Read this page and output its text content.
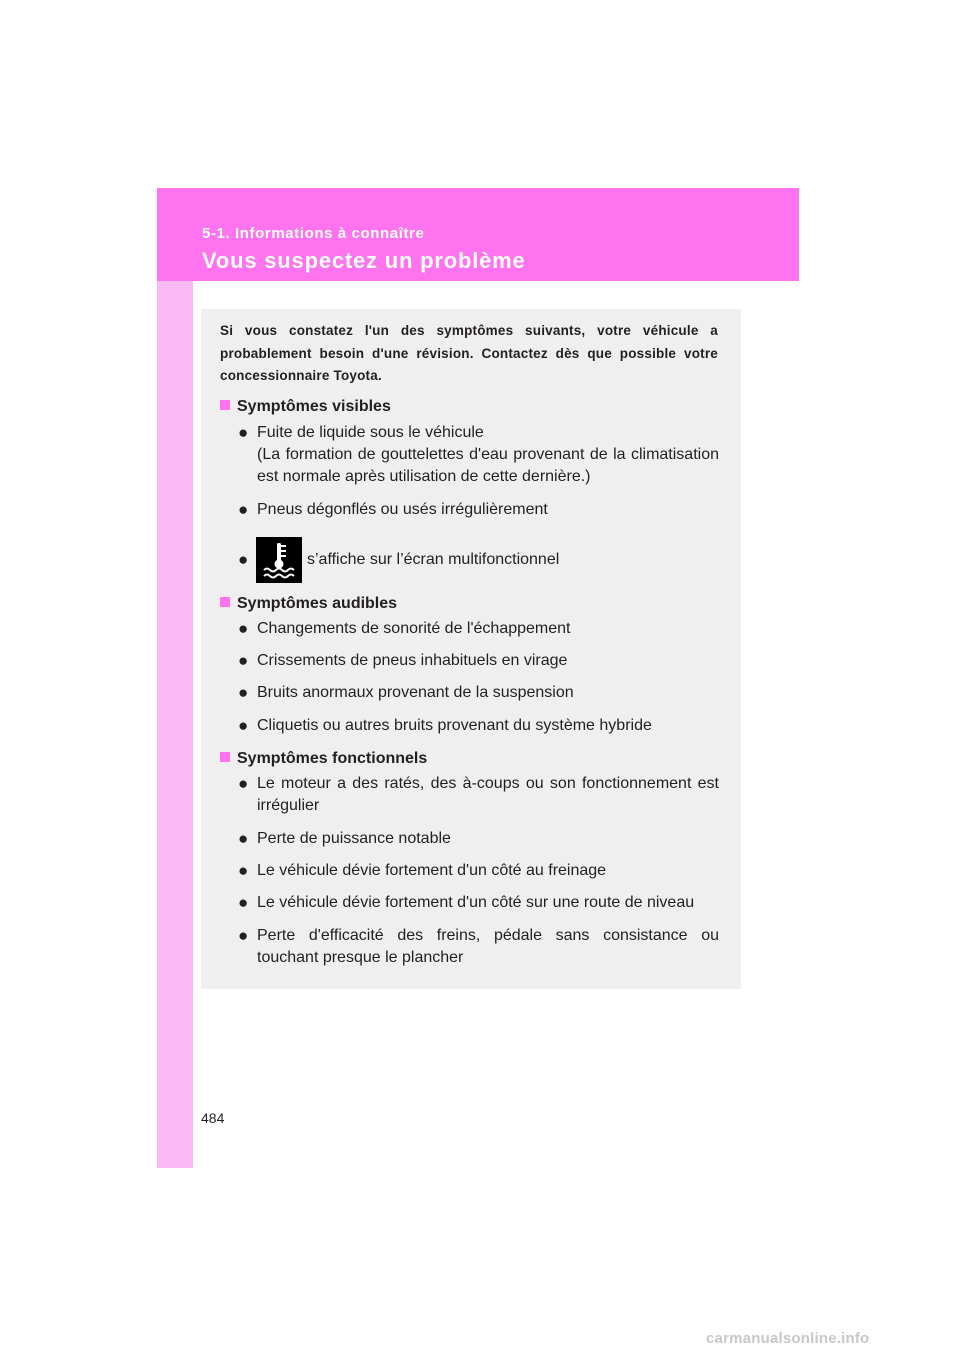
5-1. Informations à connaître
Vous suspectez un problème
Si vous constatez l'un des symptômes suivants, votre véhicule a probablement besoin d'une révision. Contactez dès que possible votre concessionnaire Toyota.
Symptômes visibles
● Fuite de liquide sous le véhicule
(La formation de gouttelettes d'eau provenant de la climatisation est normale après utilisation de cette dernière.)
● Pneus dégonflés ou usés irrégulièrement
●	s’affiche sur l’écran multifonctionnel
Symptômes audibles
● Changements de sonorité de l'échappement
● Crissements de pneus inhabituels en virage
● Bruits anormaux provenant de la suspension
● Cliquetis ou autres bruits provenant du système hybride
Symptômes fonctionnels
● Le moteur a des ratés, des à-coups ou son fonctionnement est irrégulier
● Perte de puissance notable
● Le véhicule dévie fortement d'un côté au freinage
● Le véhicule dévie fortement d'un côté sur une route de niveau
● Perte d'efficacité des freins, pédale sans consistance ou touchant presque le plancher
484
carmanualsonline.info
